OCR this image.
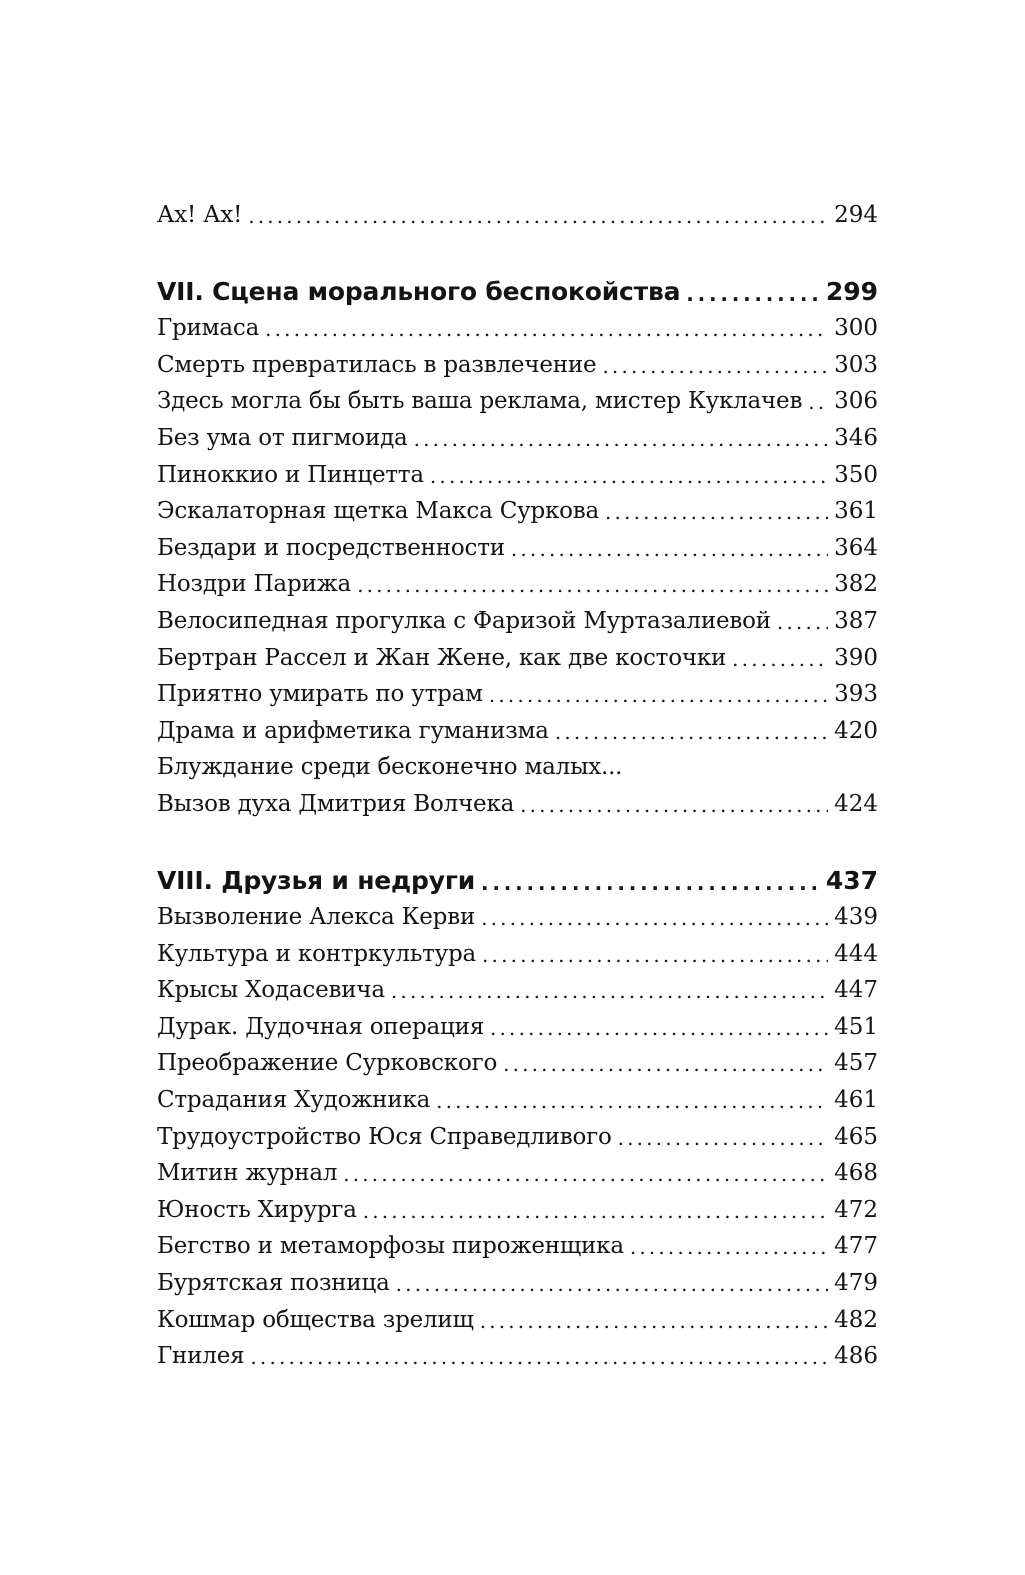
Ах! Ах! . . .	294
VII. Сцена морального беспокойства . . .	299
Гримаса . . .	300
Смерть превратилась в развлечение . . .	303
Здесь могла бы быть ваша реклама, мистер Куклачев . . . 306
Без ума от пигмоида . . .	346
Пиноккио и Пинцетта . . .	350
Эскалаторная щетка Макса Суркова . . .	361
Бездари и посредственности . . .	364
Ноздри Парижа . . .	382
Велосипедная прогулка с Фаризой Муртазалиевой . . .	387
Бертран Рассел и Жан Жене, как две косточки . . .	390
Приятно умирать по утрам . . .	393
Драма и арифметика гуманизма . . .	420
Блуждание среди бесконечно малых...
Вызов духа Дмитрия Волчека . . .	424
VIII. Друзья и недруги . . .	437
Вызволение Алекса Керви . . .	439
Культура и контркультура . . .	444
Крысы Ходасевича . . .	447
Дурак. Дудочная операция . . .	451
Преображение Сурковского . . .	457
Страдания Художника . . .	461
Трудоустройство Юся Справедливого . . .	465
Митин журнал . . .	468
Юность Хирурга . . .	472
Бегство и метаморфозы пироженщика . . .	477
Бурятская позница . . .	479
Кошмар общества зрелищ . . .	482
Гнилея . . .	486
